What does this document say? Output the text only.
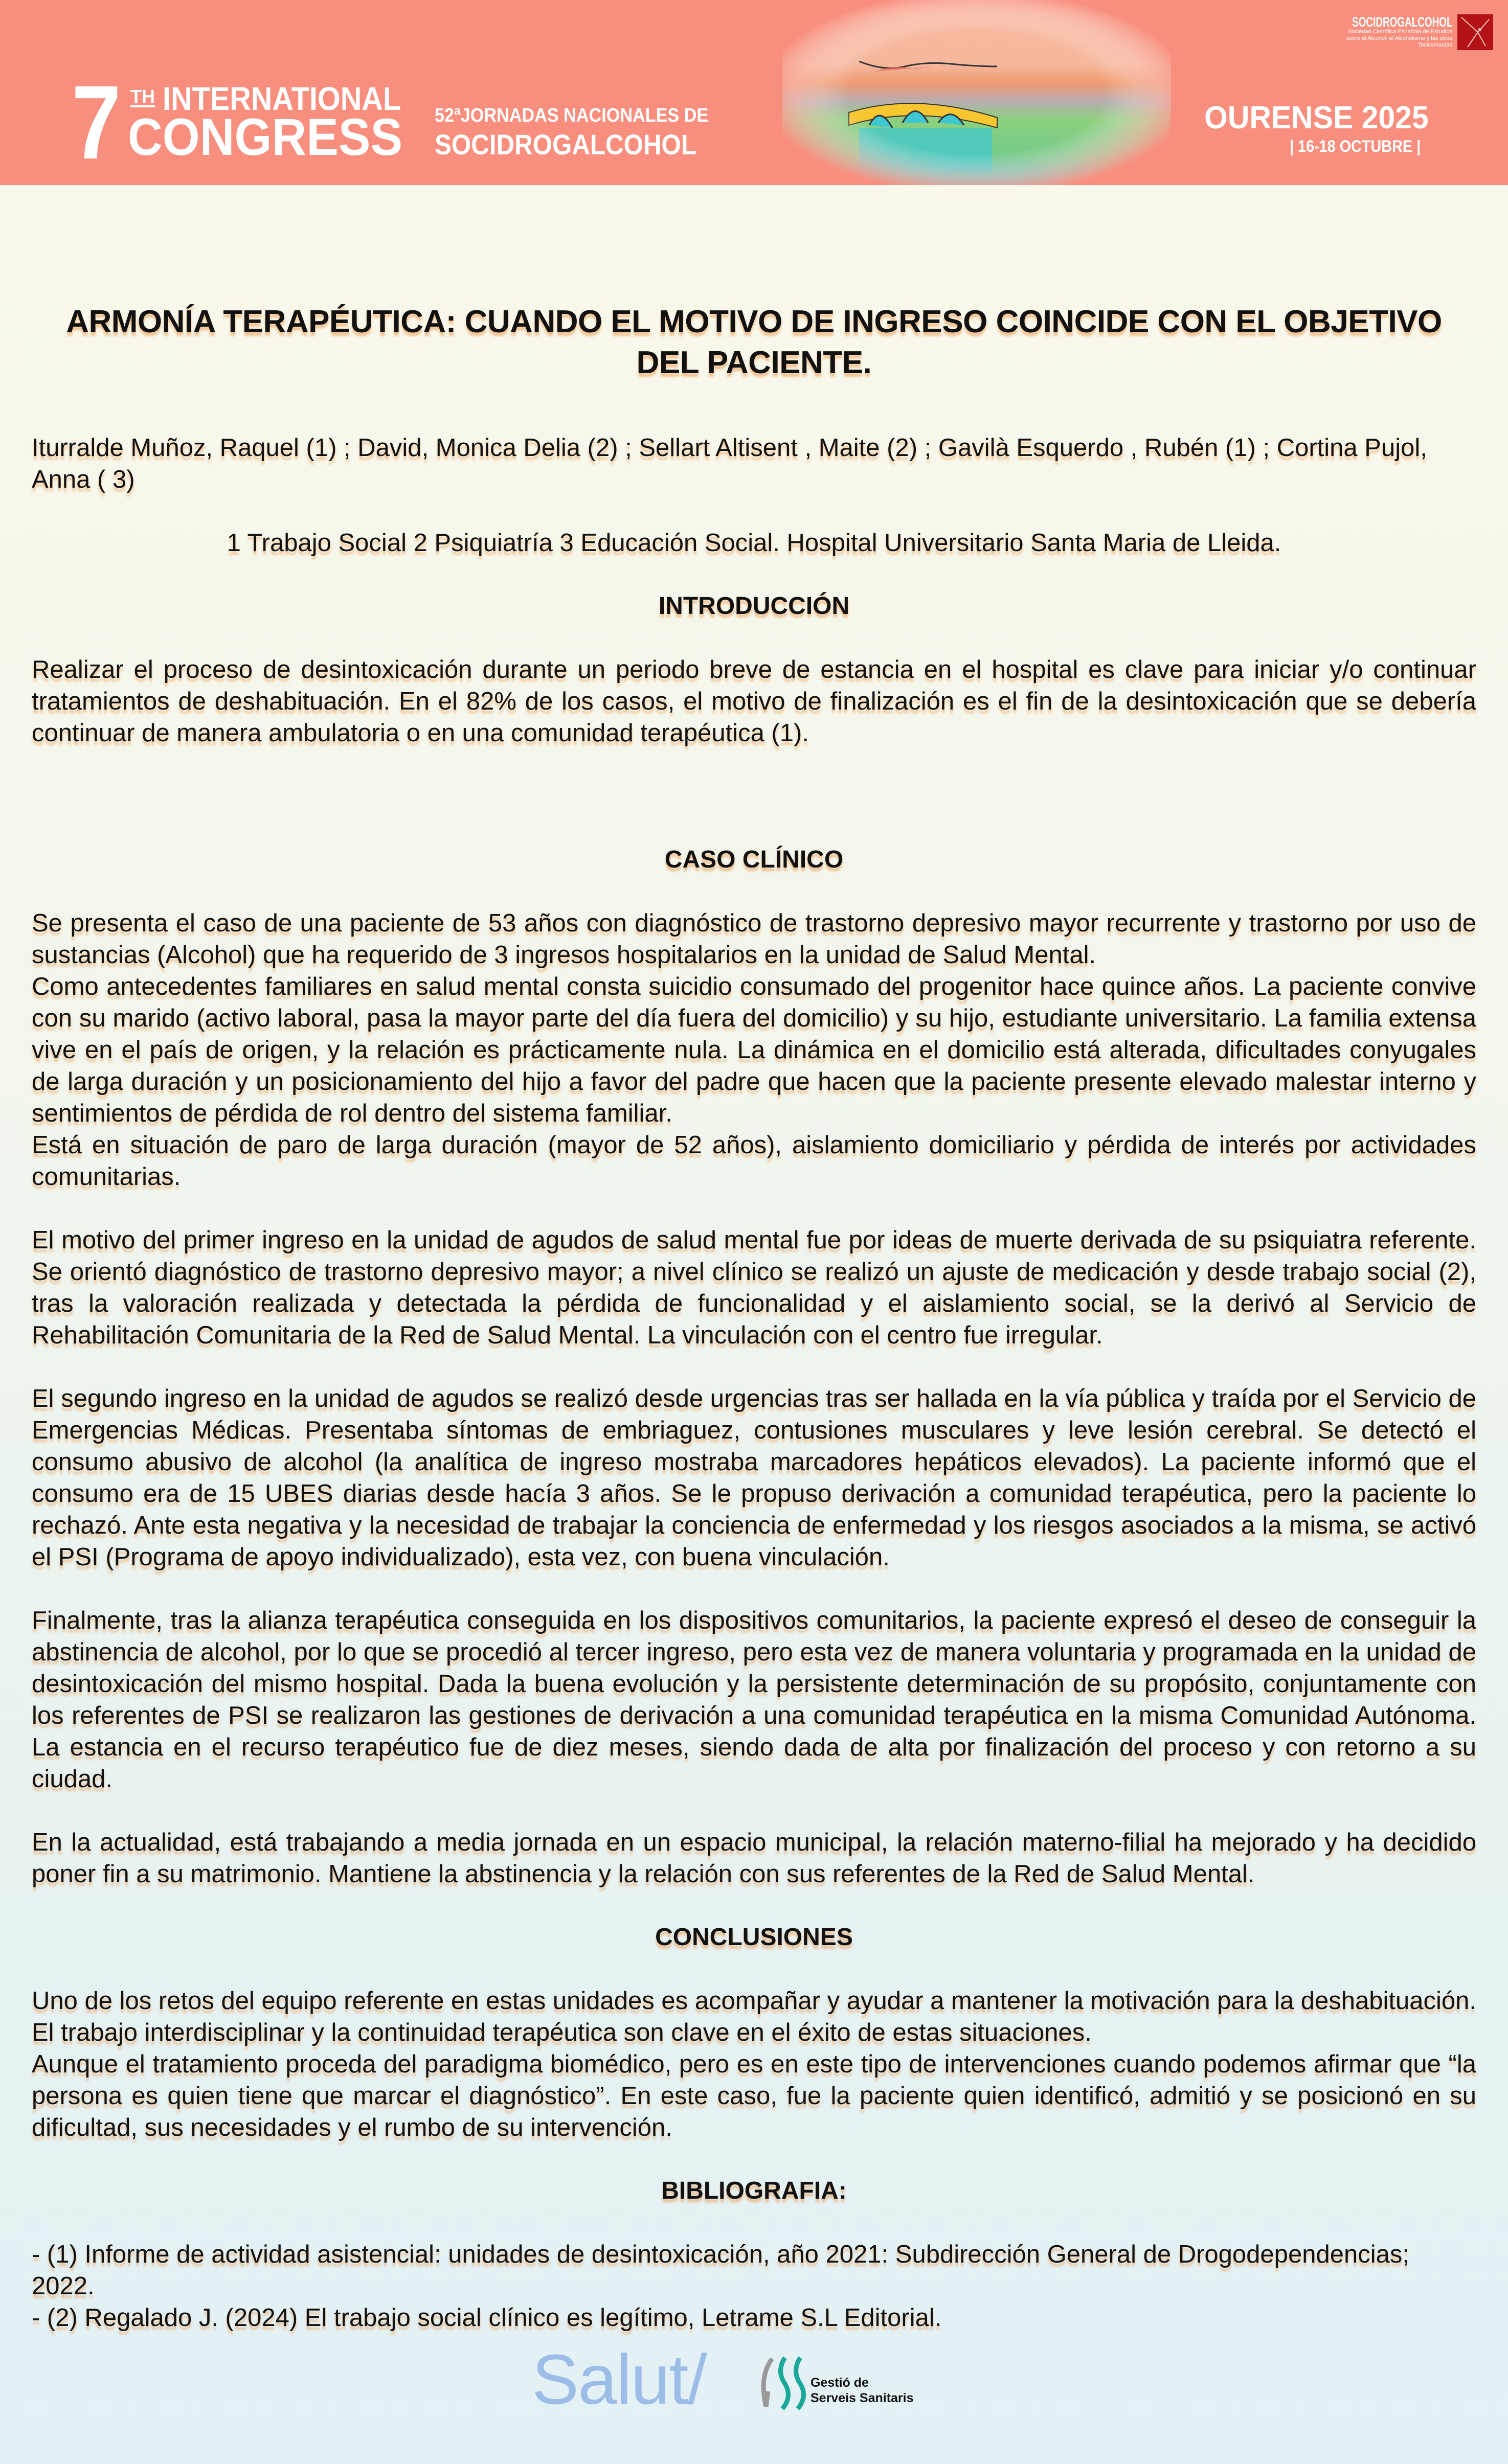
7 TH INTERNATIONAL
CONGRESS 52ªJORNADAS NACIONALES DE
SOCIDROGALCOHOL
OURENSE 2025
| 16-18 OCTUBRE |
SOCIDROGALCOHOL
Sociedad Científica Española de Estudios sobre el Alcohol, el Alcoholismo y las otras Toxicomanías
ARMONÍA TERAPÉUTICA: CUANDO EL MOTIVO DE INGRESO COINCIDE CON EL OBJETIVO DEL PACIENTE.

Iturralde Muñoz, Raquel (1) ; David, Monica Delia (2) ; Sellart Altisent , Maite (2) ; Gavilà Esquerdo , Rubén (1) ; Cortina Pujol, Anna ( 3)

1 Trabajo Social 2 Psiquiatría 3 Educación Social. Hospital Universitario Santa Maria de Lleida.

INTRODUCCIÓN

Realizar el proceso de desintoxicación durante un periodo breve de estancia en el hospital es clave para iniciar y/o continuar tratamientos de deshabituación. En el 82% de los casos, el motivo de finalización es el fin de la desintoxicación que se debería continuar de manera ambulatoria o en una comunidad terapéutica (1).

CASO CLÍNICO

Se presenta el caso de una paciente de 53 años con diagnóstico de trastorno depresivo mayor recurrente y trastorno por uso de sustancias (Alcohol) que ha requerido de 3 ingresos hospitalarios en la unidad de Salud Mental.

Como antecedentes familiares en salud mental consta suicidio consumado del progenitor hace quince años. La paciente convive con su marido (activo laboral, pasa la mayor parte del día fuera del domicilio) y su hijo, estudiante universitario. La familia extensa vive en el país de origen, y la relación es prácticamente nula. La dinámica en el domicilio está alterada, dificultades conyugales de larga duración y un posicionamiento del hijo a favor del padre que hacen que la paciente presente elevado malestar interno y sentimientos de pérdida de rol dentro del sistema familiar.

Está en situación de paro de larga duración (mayor de 52 años), aislamiento domiciliario y pérdida de interés por actividades comunitarias.

El motivo del primer ingreso en la unidad de agudos de salud mental fue por ideas de muerte derivada de su psiquiatra referente. Se orientó diagnóstico de trastorno depresivo mayor; a nivel clínico se realizó un ajuste de medicación y desde trabajo social (2), tras la valoración realizada y detectada la pérdida de funcionalidad y el aislamiento social, se la derivó al Servicio de Rehabilitación Comunitaria de la Red de Salud Mental. La vinculación con el centro fue irregular.

El segundo ingreso en la unidad de agudos se realizó desde urgencias tras ser hallada en la vía pública y traída por el Servicio de Emergencias Médicas. Presentaba síntomas de embriaguez, contusiones musculares y leve lesión cerebral. Se detectó el consumo abusivo de alcohol (la analítica de ingreso mostraba marcadores hepáticos elevados). La paciente informó que el consumo era de 15 UBES diarias desde hacía 3 años. Se le propuso derivación a comunidad terapéutica, pero la paciente lo rechazó. Ante esta negativa y la necesidad de trabajar la conciencia de enfermedad y los riesgos asociados a la misma, se activó el PSI (Programa de apoyo individualizado), esta vez, con buena vinculación.

Finalmente, tras la alianza terapéutica conseguida en los dispositivos comunitarios, la paciente expresó el deseo de conseguir la abstinencia de alcohol, por lo que se procedió al tercer ingreso, pero esta vez de manera voluntaria y programada en la unidad de desintoxicación del mismo hospital. Dada la buena evolución y la persistente determinación de su propósito, conjuntamente con los referentes de PSI se realizaron las gestiones de derivación a una comunidad terapéutica en la misma Comunidad Autónoma. La estancia en el recurso terapéutico fue de diez meses, siendo dada de alta por finalización del proceso y con retorno a su ciudad.

En la actualidad, está trabajando a media jornada en un espacio municipal, la relación materno-filial ha mejorado y ha decidido poner fin a su matrimonio. Mantiene la abstinencia y la relación con sus referentes de la Red de Salud Mental.

CONCLUSIONES

Uno de los retos del equipo referente en estas unidades es acompañar y ayudar a mantener la motivación para la deshabituación. El trabajo interdisciplinar y la continuidad terapéutica son clave en el éxito de estas situaciones.

Aunque el tratamiento proceda del paradigma biomédico, pero es en este tipo de intervenciones cuando podemos afirmar que “la persona es quien tiene que marcar el diagnóstico”. En este caso, fue la paciente quien identificó, admitió y se posicionó en su dificultad, sus necesidades y el rumbo de su intervención.

BIBLIOGRAFIA:

- (1) Informe de actividad asistencial: unidades de desintoxicación, año 2021: Subdirección General de Drogodependencias; 2022.

- (2) Regalado J. (2024) El trabajo social clínico es legítimo, Letrame S.L Editorial.

Salut/	Gestió de
Serveis Sanitaris
